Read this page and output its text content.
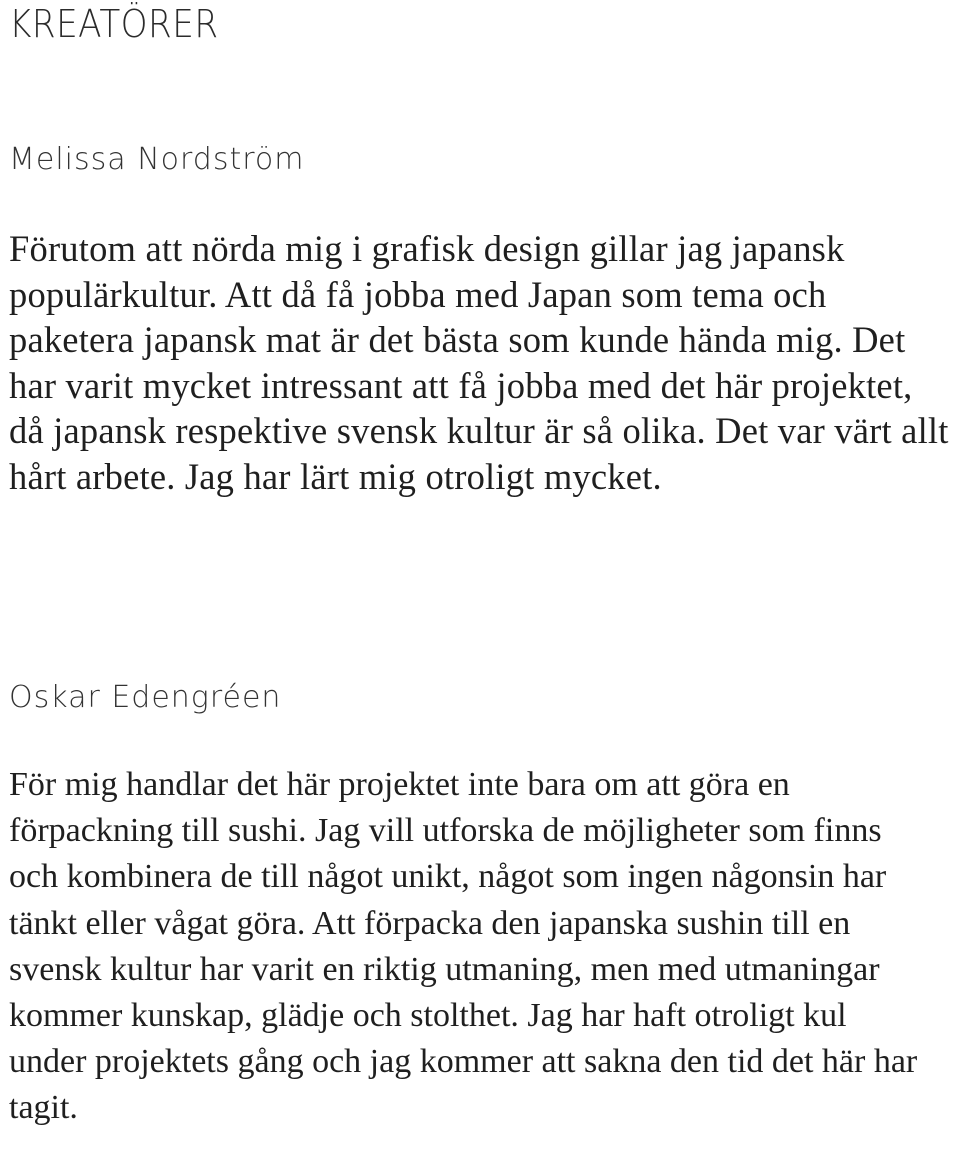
KREATÖRER
Melissa Nordström

Förutom att nörda mig i grafisk design gillar jag japansk populärkultur. Att då få jobba med Japan som tema och paketera japansk mat är det bästa som kunde hända mig. Det har varit mycket intressant att få jobba med det här projektet, då japansk respektive svensk kultur är så olika. Det var värt allt hårt arbete. Jag har lärt mig otroligt mycket.

Oskar Edengréen

För mig handlar det här projektet inte bara om att göra en förpackning till sushi. Jag vill utforska de möjligheter som finns och kombinera de till något unikt, något som ingen någonsin har tänkt eller vågat göra. Att förpacka den japanska sushin till en svensk kultur har varit en riktig utmaning, men med utmaningar kommer kunskap, glädje och stolthet. Jag har haft otroligt kul under projektets gång och jag kommer att sakna den tid det här har tagit.
